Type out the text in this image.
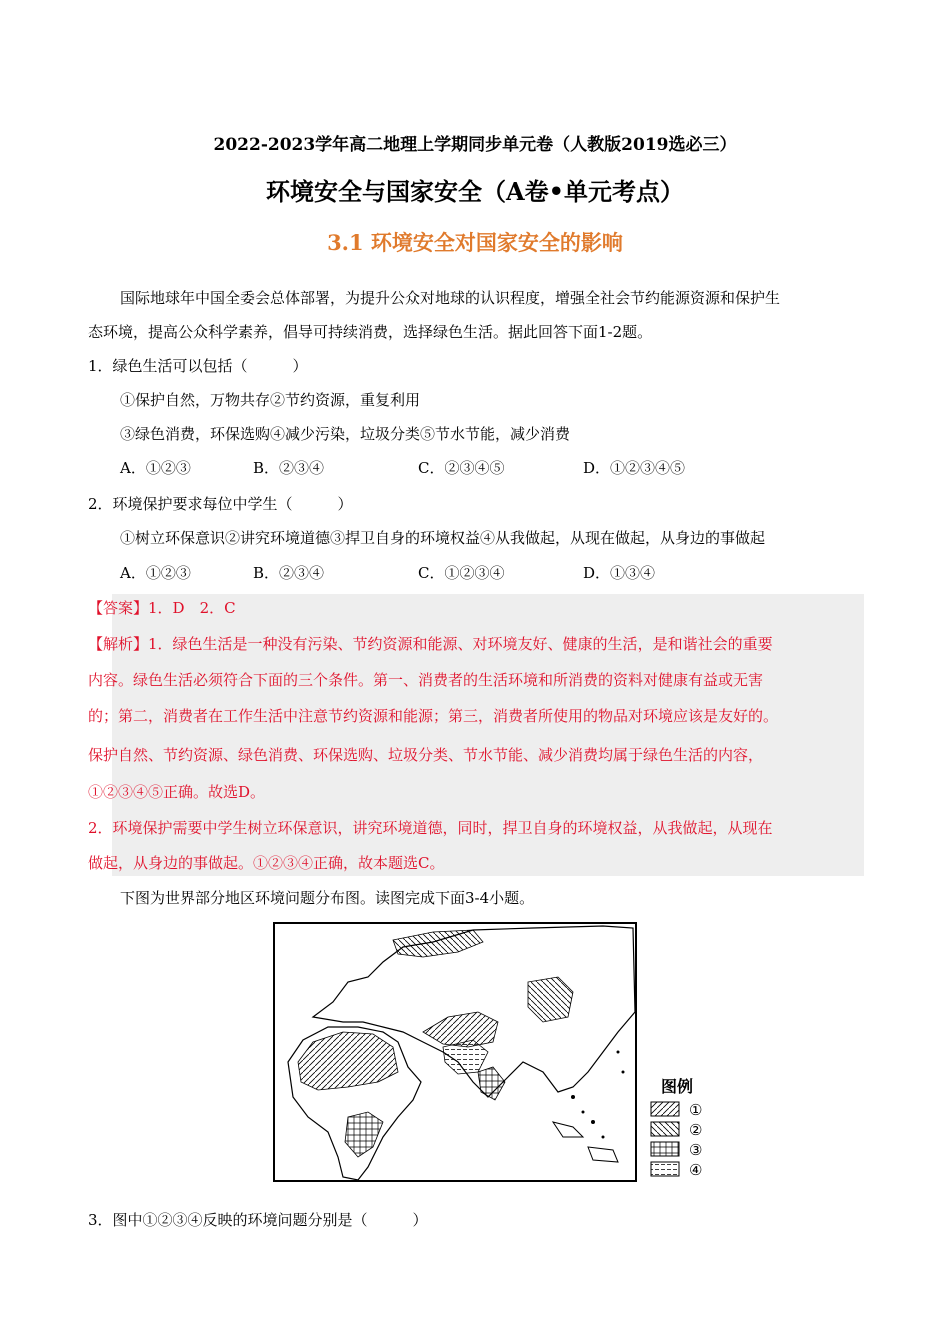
2022-2023学年高二地理上学期同步单元卷（人教版2019选必三）
环境安全与国家安全（A卷•单元考点）
3.1 环境安全对国家安全的影响
国际地球年中国全委会总体部署，为提升公众对地球的认识程度，增强全社会节约能源资源和保护生
态环境，提高公众科学素养，倡导可持续消费，选择绿色生活。据此回答下面1-2题。
1．绿色生活可以包括（　　　）
①保护自然，万物共存②节约资源，重复利用
③绿色消费，环保选购④减少污染，垃圾分类⑤节水节能，减少消费
A．①②③	B．②③④	C．②③④⑤	D．①②③④⑤
2．环境保护要求每位中学生（　　　）
①树立环保意识②讲究环境道德③捍卫自身的环境权益④从我做起，从现在做起，从身边的事做起
A．①②③	B．②③④	C．①②③④	D．①③④
【答案】1．D　2．C
【解析】1．绿色生活是一种没有污染、节约资源和能源、对环境友好、健康的生活，是和谐社会的重要
内容。绿色生活必须符合下面的三个条件。第一、消费者的生活环境和所消费的资料对健康有益或无害
的；第二，消费者在工作生活中注意节约资源和能源；第三，消费者所使用的物品对环境应该是友好的。
保护自然、节约资源、绿色消费、环保选购、垃圾分类、节水节能、减少消费均属于绿色生活的内容，
①②③④⑤正确。故选D。
2．环境保护需要中学生树立环保意识，讲究环境道德，同时，捍卫自身的环境权益，从我做起，从现在
做起，从身边的事做起。①②③④正确，故本题选C。
下图为世界部分地区环境问题分布图。读图完成下面3-4小题。
图例
①
②
③
④
3．图中①②③④反映的环境问题分别是（　　　）
